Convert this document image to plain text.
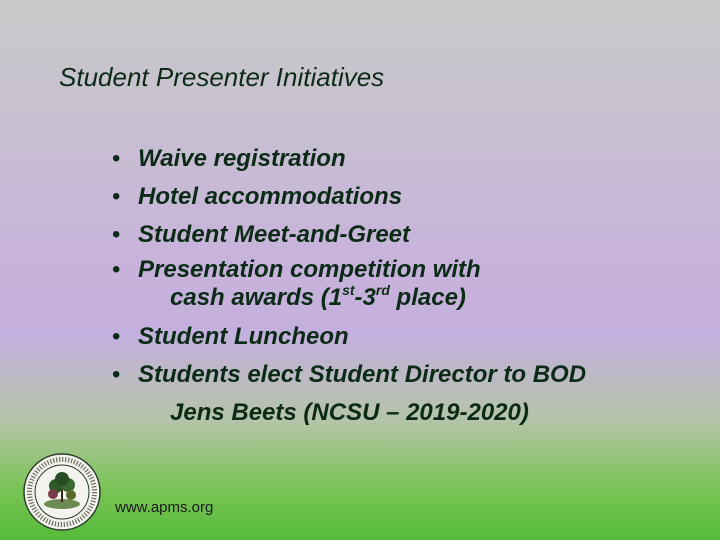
Student Presenter Initiatives
• Waive registration
• Hotel accommodations
• Student Meet-and-Greet
• Presentation competition with
cash awards (1st-3rd place)
• Student Luncheon
• Students elect Student Director to BOD
Jens Beets (NCSU – 2019-2020)
www.apms.org
